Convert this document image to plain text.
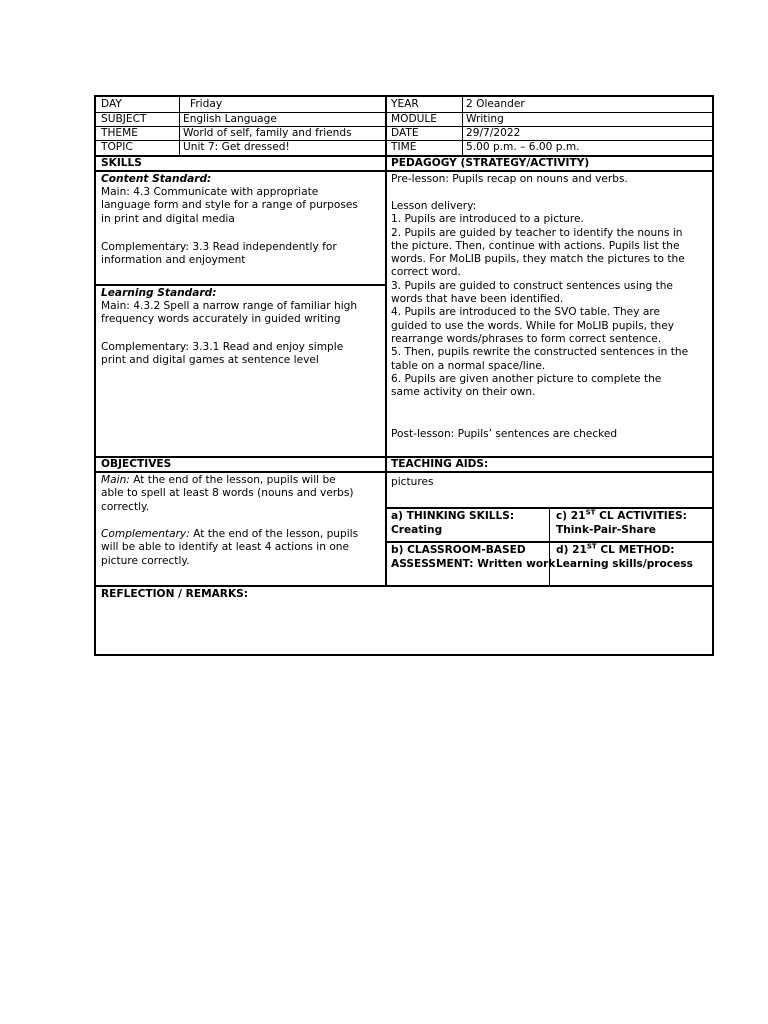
DAY	Friday
SUBJECT	English Language
THEME	World of self, family and friends
TOPIC	Unit 7: Get dressed!
YEAR	2 Oleander
MODULE	Writing
DATE	29/7/2022
TIME	5.00 p.m. – 6.00 p.m.
SKILLS	PEDAGOGY (STRATEGY/ACTIVITY)
Content Standard:
Main: 4.3 Communicate with appropriate
language form and style for a range of purposes
in print and digital media
Complementary: 3.3 Read independently for
information and enjoyment
Learning Standard:
Main: 4.3.2 Spell a narrow range of familiar high
frequency words accurately in guided writing
Complementary: 3.3.1 Read and enjoy simple
print and digital games at sentence level
Pre-lesson: Pupils recap on nouns and verbs.
Lesson delivery:
1. Pupils are introduced to a picture.
2. Pupils are guided by teacher to identify the nouns in
the picture. Then, continue with actions. Pupils list the
words. For MoLIB pupils, they match the pictures to the
correct word.
3. Pupils are guided to construct sentences using the
words that have been identified.
4. Pupils are introduced to the SVO table. They are
guided to use the words. While for MoLIB pupils, they
rearrange words/phrases to form correct sentence.
5. Then, pupils rewrite the constructed sentences in the
table on a normal space/line.
6. Pupils are given another picture to complete the
same activity on their own.
Post-lesson: Pupils’ sentences are checked
OBJECTIVES	TEACHING AIDS:
Main: At the end of the lesson, pupils will be
able to spell at least 8 words (nouns and verbs)
correctly.
Complementary: At the end of the lesson, pupils
will be able to identify at least 4 actions in one
picture correctly.
pictures
a) THINKING SKILLS:
Creating
c) 21ST CL ACTIVITIES:
Think-Pair-Share
b) CLASSROOM-BASED
ASSESSMENT: Written work
d) 21ST CL METHOD:
Learning skills/process
REFLECTION / REMARKS:
